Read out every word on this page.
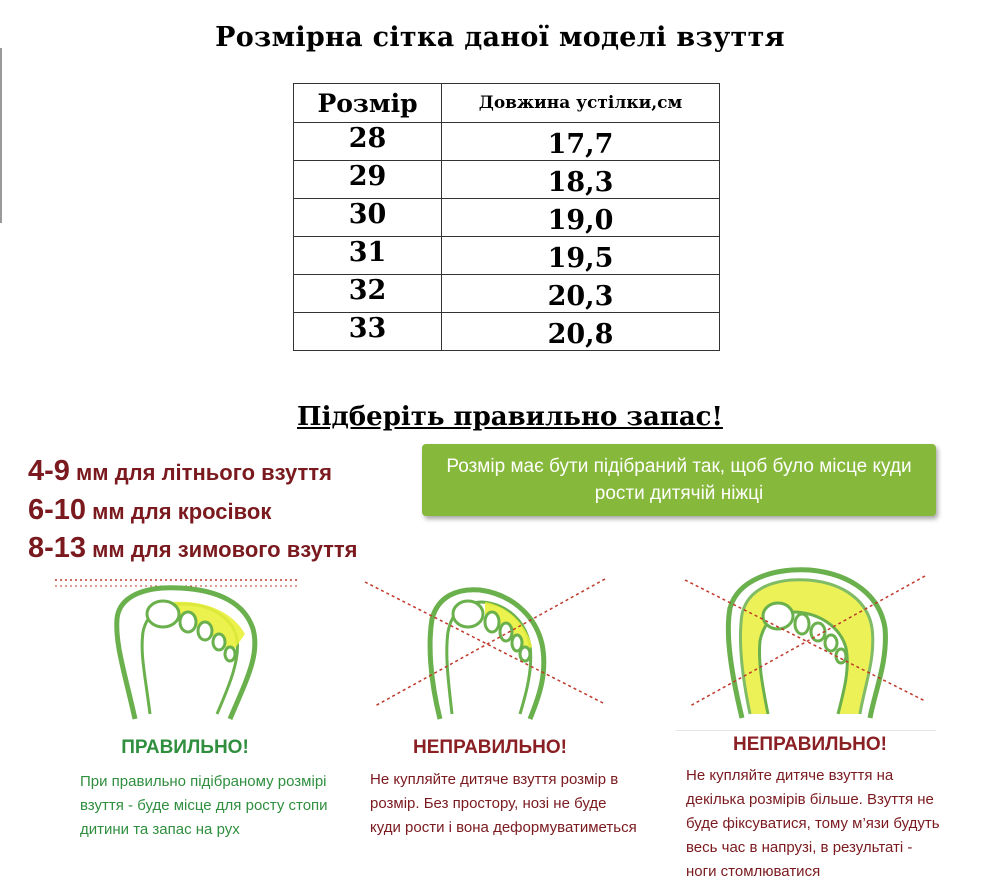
Розмірна сітка даної моделі взуття
Розмір	Довжина устілки,см
28	17,7
29	18,3
30	19,0
31	19,5
32	20,3
33	20,8
Підберіть правильно запас!
4-9 мм для літнього взуття
6-10 мм для кросівок
8-13 мм для зимового взуття
Розмір має бути підібраний так, щоб було місце куди рости дитячій ніжці
ПРАВИЛЬНО!	НЕПРАВИЛЬНО!	НЕПРАВИЛЬНО!
При правильно підібраному розмірі взуття - буде місце для росту стопи дитини та запас на рух
Не купляйте дитяче взуття розмір в розмір. Без простору, нозі не буде куди рости і вона деформуватиметься
Не купляйте дитяче взуття на декілька розмірів більше. Взуття не буде фіксуватися, тому м’язи будуть весь час в напрузі, в результаті - ноги стомлюватися
